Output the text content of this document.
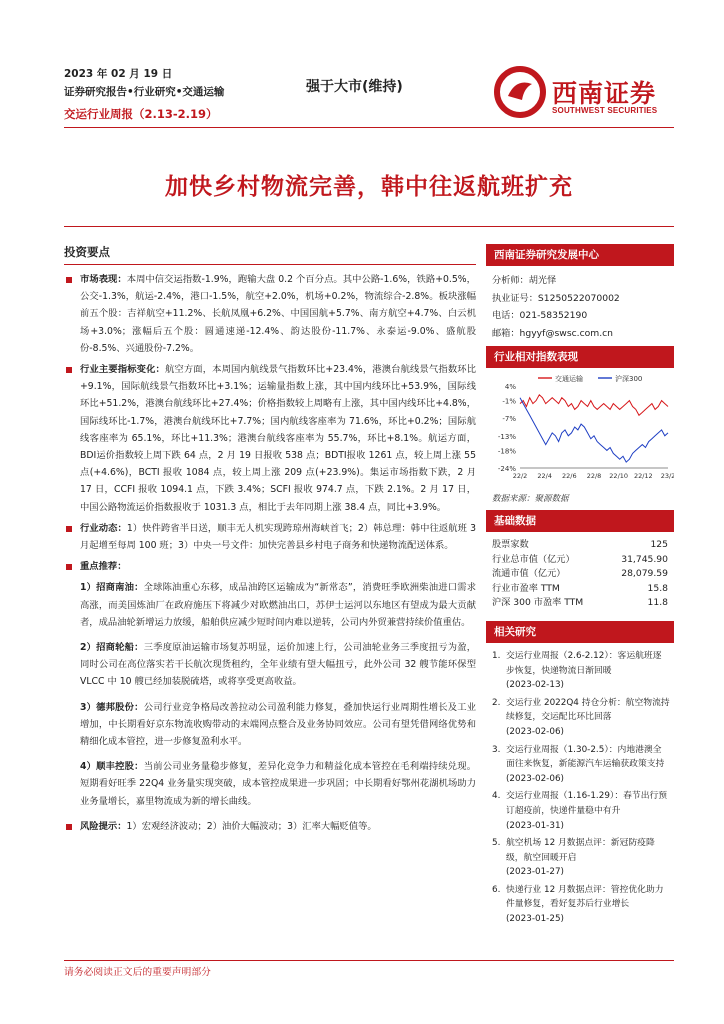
2023 年 02 月 19 日
证券研究报告•行业研究•交通运输
交运行业周报（2.13-2.19）
强于大市(维持)	西南证券
SOUTHWEST SECURITIES
加快乡村物流完善，韩中往返航班扩充
投资要点
市场表现：本周中信交运指数-1.9%，跑输大盘 0.2 个百分点。其中公路-1.6%，铁路+0.5%，公交-1.3%，航运-2.4%，港口-1.5%，航空+2.0%，机场+0.2%，物流综合-2.8%。板块涨幅前五个股：吉祥航空+11.2%、长航凤凰+6.2%、中国国航+5.7%、南方航空+4.7%、白云机场+3.0%；涨幅后五个股：圆通速递-12.4%、韵达股份-11.7%、永泰运-9.0%、盛航股份-8.5%、兴通股份-7.2%。
行业主要指标变化：航空方面，本周国内航线景气指数环比+23.4%，港澳台航线景气指数环比+9.1%，国际航线景气指数环比+3.1%；运输量指数上涨，其中国内线环比+53.9%，国际线环比+51.2%，港澳台航线环比+27.4%；价格指数较上周略有上涨，其中国内线环比+4.8%，国际线环比-1.7%，港澳台航线环比+7.7%；国内航线客座率为 71.6%，环比+0.2%；国际航线客座率为 65.1%，环比+11.3%；港澳台航线客座率为 55.7%，环比+8.1%。航运方面，BDI运价指数较上周下跌 64 点，2 月 19 日报收 538 点；BDTI报收 1261 点，较上周上涨 55 点(+4.6%)，BCTI 报收 1084 点，较上周上涨 209 点(+23.9%)。集运市场指数下跌，2 月 17 日，CCFI 报收 1094.1 点，下跌 3.4%；SCFI 报收 974.7 点，下跌 2.1%。2 月 17 日，中国公路物流运价指数报收于 1031.3 点，相比于去年同期上涨 38.4 点，同比+3.9%。
行业动态：1）快件跨省半日送，顺丰无人机实现跨琼州海峡首飞；2）韩总理：韩中往返航班 3 月起增至每周 100 班；3）中央一号文件：加快完善县乡村电子商务和快递物流配送体系。
重点推荐：
1）招商南油：全球陈油重心东移，成品油跨区运输成为“新常态”，消费旺季欧洲柴油进口需求高涨，而美国炼油厂在政府施压下将减少对欧燃油出口，苏伊士运河以东地区有望成为最大贡献者，成品油轮新增运力放缓，船舶供应减少短时间内难以逆转，公司内外贸兼营持续价值重估。
2）招商轮船：三季度原油运输市场复苏明显，运价加速上行，公司油轮业务三季度扭亏为盈，同时公司在高位落实若干长航次现货租约，全年业绩有望大幅扭亏，此外公司 32 艘节能环保型 VLCC 中 10 艘已经加装脱硫塔，或将享受更高收益。
3）德邦股份：公司行业竞争格局改善拉动公司盈利能力修复，叠加快运行业周期性增长及工业增加，中长期看好京东物流收购带动的末端网点整合及业务协同效应。公司有望凭借网络优势和精细化成本管控，进一步修复盈利水平。
4）顺丰控股：当前公司业务量稳步修复，差异化竞争力和精益化成本管控在毛利端持续兑现。短期看好旺季 22Q4 业务量实现突破，成本管控成果进一步巩固；中长期看好鄂州花湖机场助力业务量增长，嘉里物流成为新的增长曲线。
风险提示：1）宏观经济波动；2）油价大幅波动；3）汇率大幅贬值等。
西南证券研究发展中心
分析师：胡光怿
执业证号：S1250522070002
电话：021-58352190
邮箱：hgyyf@swsc.com.cn
行业相对指数表现
4%
-1%
-7%
-13%
-18%
-24%
22/2 22/4 22/6 22/8 22/10 22/12 23/2
交通运输	沪深300
数据来源：聚源数据
基础数据
股票家数	125
行业总市值（亿元）	31,745.90
流通市值（亿元）	28,079.59
行业市盈率 TTM	15.8
沪深 300 市盈率 TTM	11.8
相关研究
1. 交运行业周报（2.6-2.12）：客运航班逐步恢复，快递物流日渐回暖
(2023-02-13)
2. 交运行业 2022Q4 持仓分析：航空物流持续修复，交运配比环比回落
(2023-02-06)
3. 交运行业周报（1.30-2.5）：内地港澳全面往来恢复，新能源汽车运输获政策支持
(2023-02-06)
4. 交运行业周报（1.16-1.29）：春节出行预订超疫前，快递件量稳中有升
(2023-01-31)
5. 航空机场 12 月数据点评：新冠防疫降级，航空回暖开启
(2023-01-27)
6. 快递行业 12 月数据点评：管控优化助力件量修复，看好复苏后行业增长
(2023-01-25)
请务必阅读正文后的重要声明部分
